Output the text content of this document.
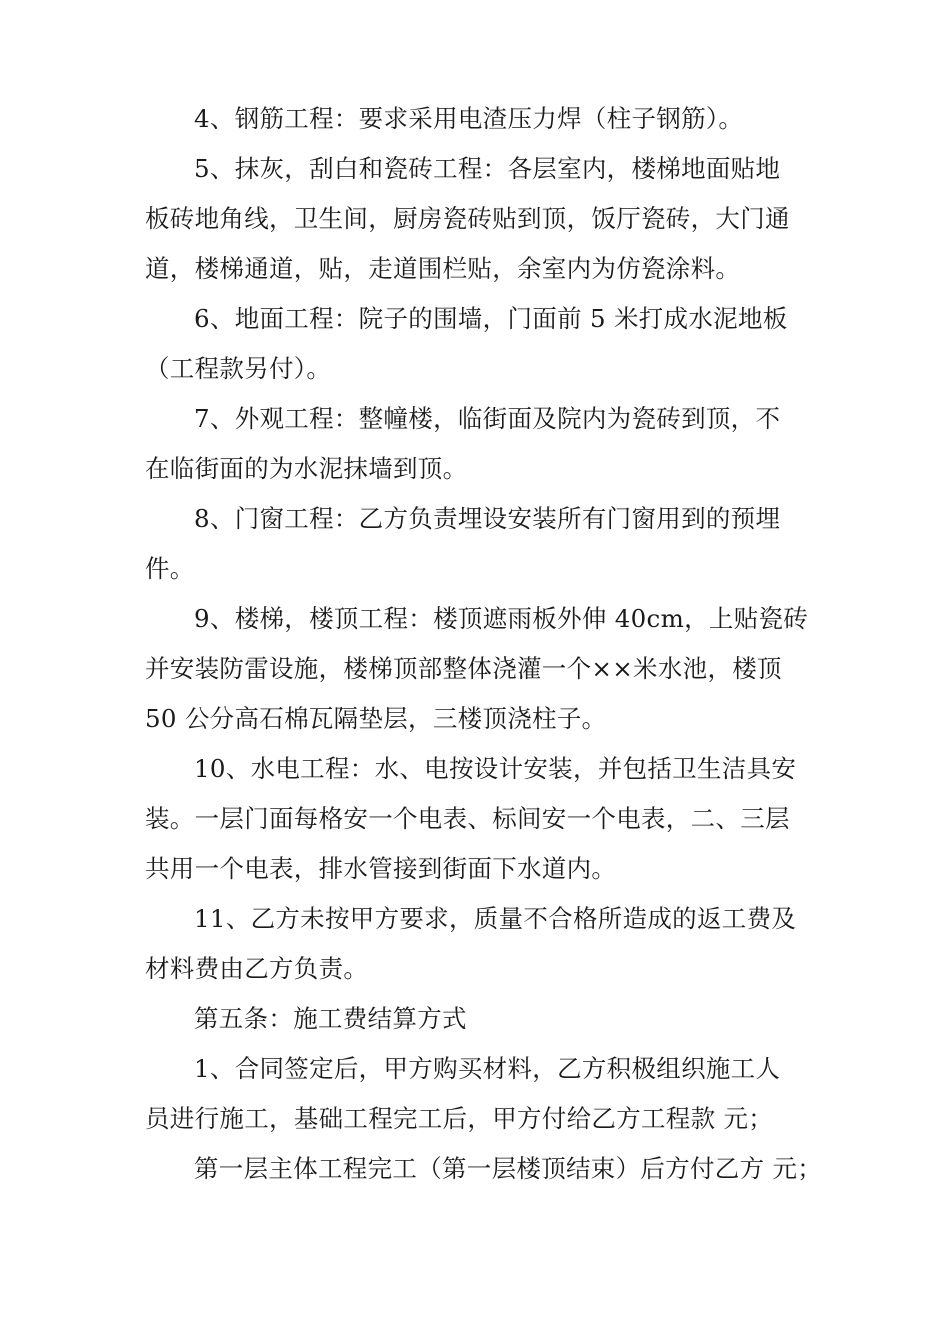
4、钢筋工程：要求采用电渣压力焊（柱子钢筋）。
5、抹灰，刮白和瓷砖工程：各层室内，楼梯地面贴地
板砖地角线，卫生间，厨房瓷砖贴到顶，饭厅瓷砖，大门通
道，楼梯通道，贴，走道围栏贴，余室内为仿瓷涂料。
6、地面工程：院子的围墙，门面前 5 米打成水泥地板
（工程款另付）。
7、外观工程：整幢楼，临街面及院内为瓷砖到顶，不
在临街面的为水泥抹墙到顶。
8、门窗工程：乙方负责埋设安装所有门窗用到的预埋
件。
9、楼梯，楼顶工程：楼顶遮雨板外伸 40cm，上贴瓷砖
并安装防雷设施，楼梯顶部整体浇灌一个××米水池，楼顶
50 公分高石棉瓦隔垫层，三楼顶浇柱子。
10、水电工程：水、电按设计安装，并包括卫生洁具安
装。一层门面每格安一个电表、标间安一个电表，二、三层
共用一个电表，排水管接到街面下水道内。
11、乙方未按甲方要求，质量不合格所造成的返工费及
材料费由乙方负责。
第五条：施工费结算方式
1、合同签定后，甲方购买材料，乙方积极组织施工人
员进行施工，基础工程完工后，甲方付给乙方工程款 元；
第一层主体工程完工（第一层楼顶结束）后方付乙方 元；
